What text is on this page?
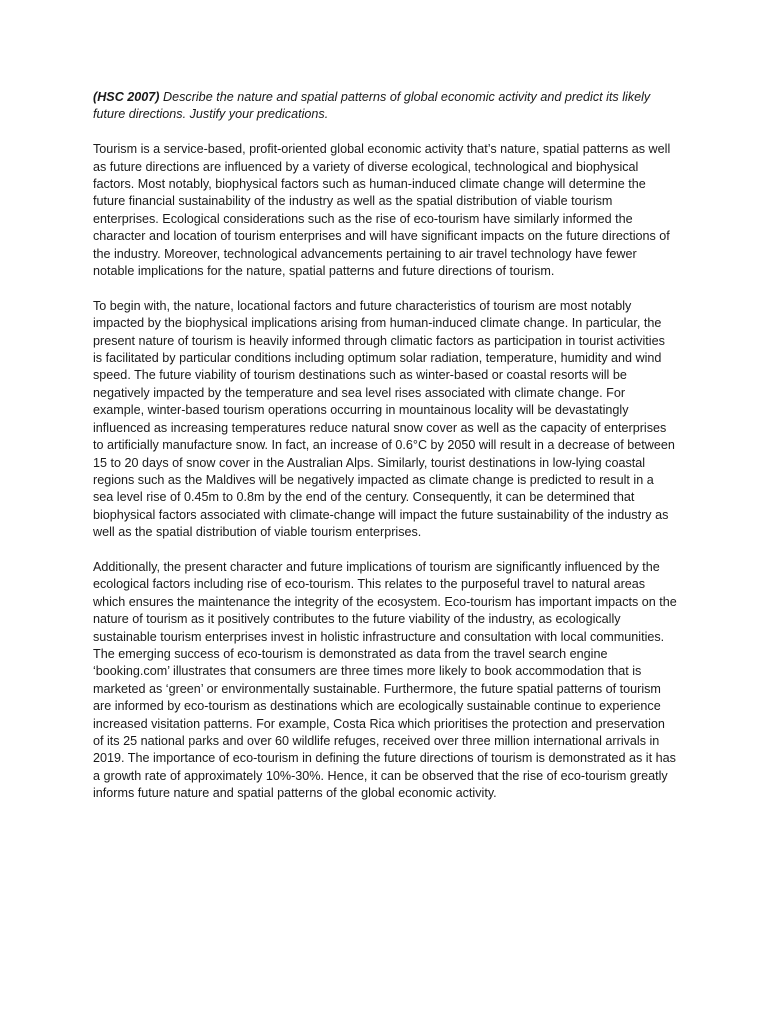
(HSC 2007) Describe the nature and spatial patterns of global economic activity and predict its likely future directions. Justify your predications.

Tourism is a service-based, profit-oriented global economic activity that’s nature, spatial patterns as well as future directions are influenced by a variety of diverse ecological, technological and biophysical factors. Most notably, biophysical factors such as human-induced climate change will determine the future financial sustainability of the industry as well as the spatial distribution of viable tourism enterprises. Ecological considerations such as the rise of eco-tourism have similarly informed the character and location of tourism enterprises and will have significant impacts on the future directions of the industry. Moreover, technological advancements pertaining to air travel technology have fewer notable implications for the nature, spatial patterns and future directions of tourism.

To begin with, the nature, locational factors and future characteristics of tourism are most notably impacted by the biophysical implications arising from human-induced climate change. In particular, the present nature of tourism is heavily informed through climatic factors as participation in tourist activities is facilitated by particular conditions including optimum solar radiation, temperature, humidity and wind speed. The future viability of tourism destinations such as winter-based or coastal resorts will be negatively impacted by the temperature and sea level rises associated with climate change. For example, winter-based tourism operations occurring in mountainous locality will be devastatingly influenced as increasing temperatures reduce natural snow cover as well as the capacity of enterprises to artificially manufacture snow. In fact, an increase of 0.6°C by 2050 will result in a decrease of between 15 to 20 days of snow cover in the Australian Alps. Similarly, tourist destinations in low-lying coastal regions such as the Maldives will be negatively impacted as climate change is predicted to result in a sea level rise of 0.45m to 0.8m by the end of the century. Consequently, it can be determined that biophysical factors associated with climate-change will impact the future sustainability of the industry as well as the spatial distribution of viable tourism enterprises.

Additionally, the present character and future implications of tourism are significantly influenced by the ecological factors including rise of eco-tourism. This relates to the purposeful travel to natural areas which ensures the maintenance the integrity of the ecosystem. Eco-tourism has important impacts on the nature of tourism as it positively contributes to the future viability of the industry, as ecologically sustainable tourism enterprises invest in holistic infrastructure and consultation with local communities. The emerging success of eco-tourism is demonstrated as data from the travel search engine ‘booking.com’ illustrates that consumers are three times more likely to book accommodation that is marketed as ‘green’ or environmentally sustainable. Furthermore, the future spatial patterns of tourism are informed by eco-tourism as destinations which are ecologically sustainable continue to experience increased visitation patterns. For example, Costa Rica which prioritises the protection and preservation of its 25 national parks and over 60 wildlife refuges, received over three million international arrivals in 2019. The importance of eco-tourism in defining the future directions of tourism is demonstrated as it has a growth rate of approximately 10%-30%. Hence, it can be observed that the rise of eco-tourism greatly informs future nature and spatial patterns of the global economic activity.
